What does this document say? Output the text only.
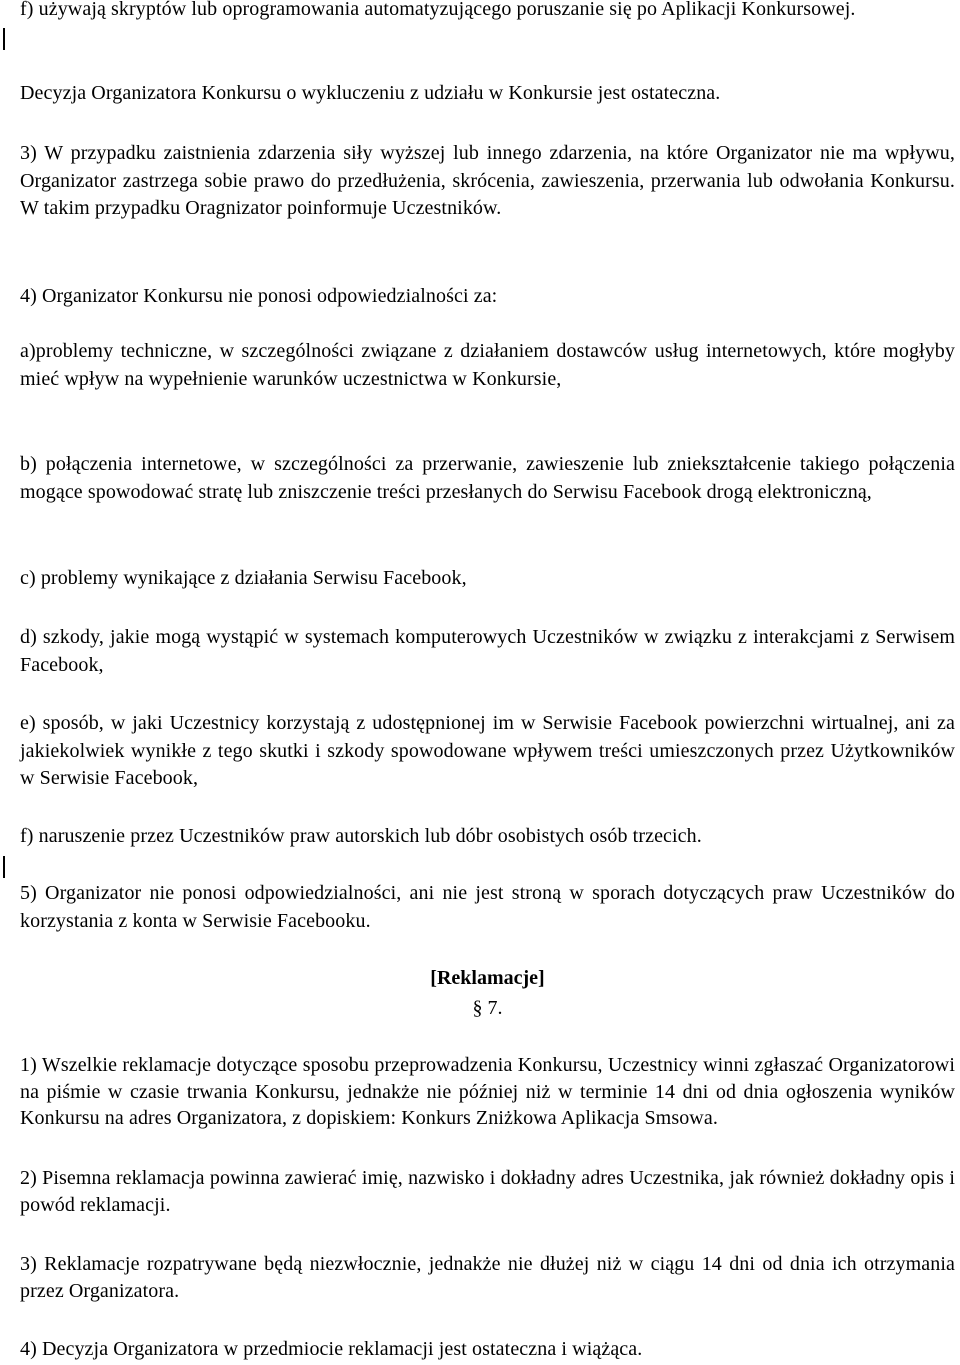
f) używają skryptów lub oprogramowania automatyzującego poruszanie się po Aplikacji Konkursowej.

Decyzja Organizatora Konkursu o wykluczeniu z udziału w Konkursie jest ostateczna.

3) W przypadku zaistnienia zdarzenia siły wyższej lub innego zdarzenia, na które Organizator nie ma wpływu, Organizator zastrzega sobie prawo do przedłużenia, skrócenia, zawieszenia, przerwania lub odwołania Konkursu. W takim przypadku Oragnizator poinformuje Uczestników.

4) Organizator Konkursu nie ponosi odpowiedzialności za:

a)problemy techniczne, w szczególności związane z działaniem dostawców usług internetowych, które mogłyby mieć wpływ na wypełnienie warunków uczestnictwa w Konkursie,

b) połączenia internetowe, w szczególności za przerwanie, zawieszenie lub zniekształcenie takiego połączenia mogące spowodować stratę lub zniszczenie treści przesłanych do Serwisu Facebook drogą elektroniczną,

c) problemy wynikające z działania Serwisu Facebook,

d) szkody, jakie mogą wystąpić w systemach komputerowych Uczestników w związku z interakcjami z Serwisem Facebook,

e) sposób, w jaki Uczestnicy korzystają z udostępnionej im w Serwisie Facebook powierzchni wirtualnej, ani za jakiekolwiek wynikłe z tego skutki i szkody spowodowane wpływem treści umieszczonych przez Użytkowników w Serwisie Facebook,

f) naruszenie przez Uczestników praw autorskich lub dóbr osobistych osób trzecich.

5) Organizator nie ponosi odpowiedzialności, ani nie jest stroną w sporach dotyczących praw Uczestników do korzystania z konta w Serwisie Facebooku.

[Reklamacje]

§ 7.

1) Wszelkie reklamacje dotyczące sposobu przeprowadzenia Konkursu, Uczestnicy winni zgłaszać Organizatorowi na piśmie w czasie trwania Konkursu, jednakże nie później niż w terminie 14 dni od dnia ogłoszenia wyników Konkursu na adres Organizatora, z dopiskiem: Konkurs Zniżkowa Aplikacja Smsowa.

2) Pisemna reklamacja powinna zawierać imię, nazwisko i dokładny adres Uczestnika, jak również dokładny opis i powód reklamacji.

3) Reklamacje rozpatrywane będą niezwłocznie, jednakże nie dłużej niż w ciągu 14 dni od dnia ich otrzymania przez Organizatora.

4) Decyzja Organizatora w przedmiocie reklamacji jest ostateczna i wiążąca.
